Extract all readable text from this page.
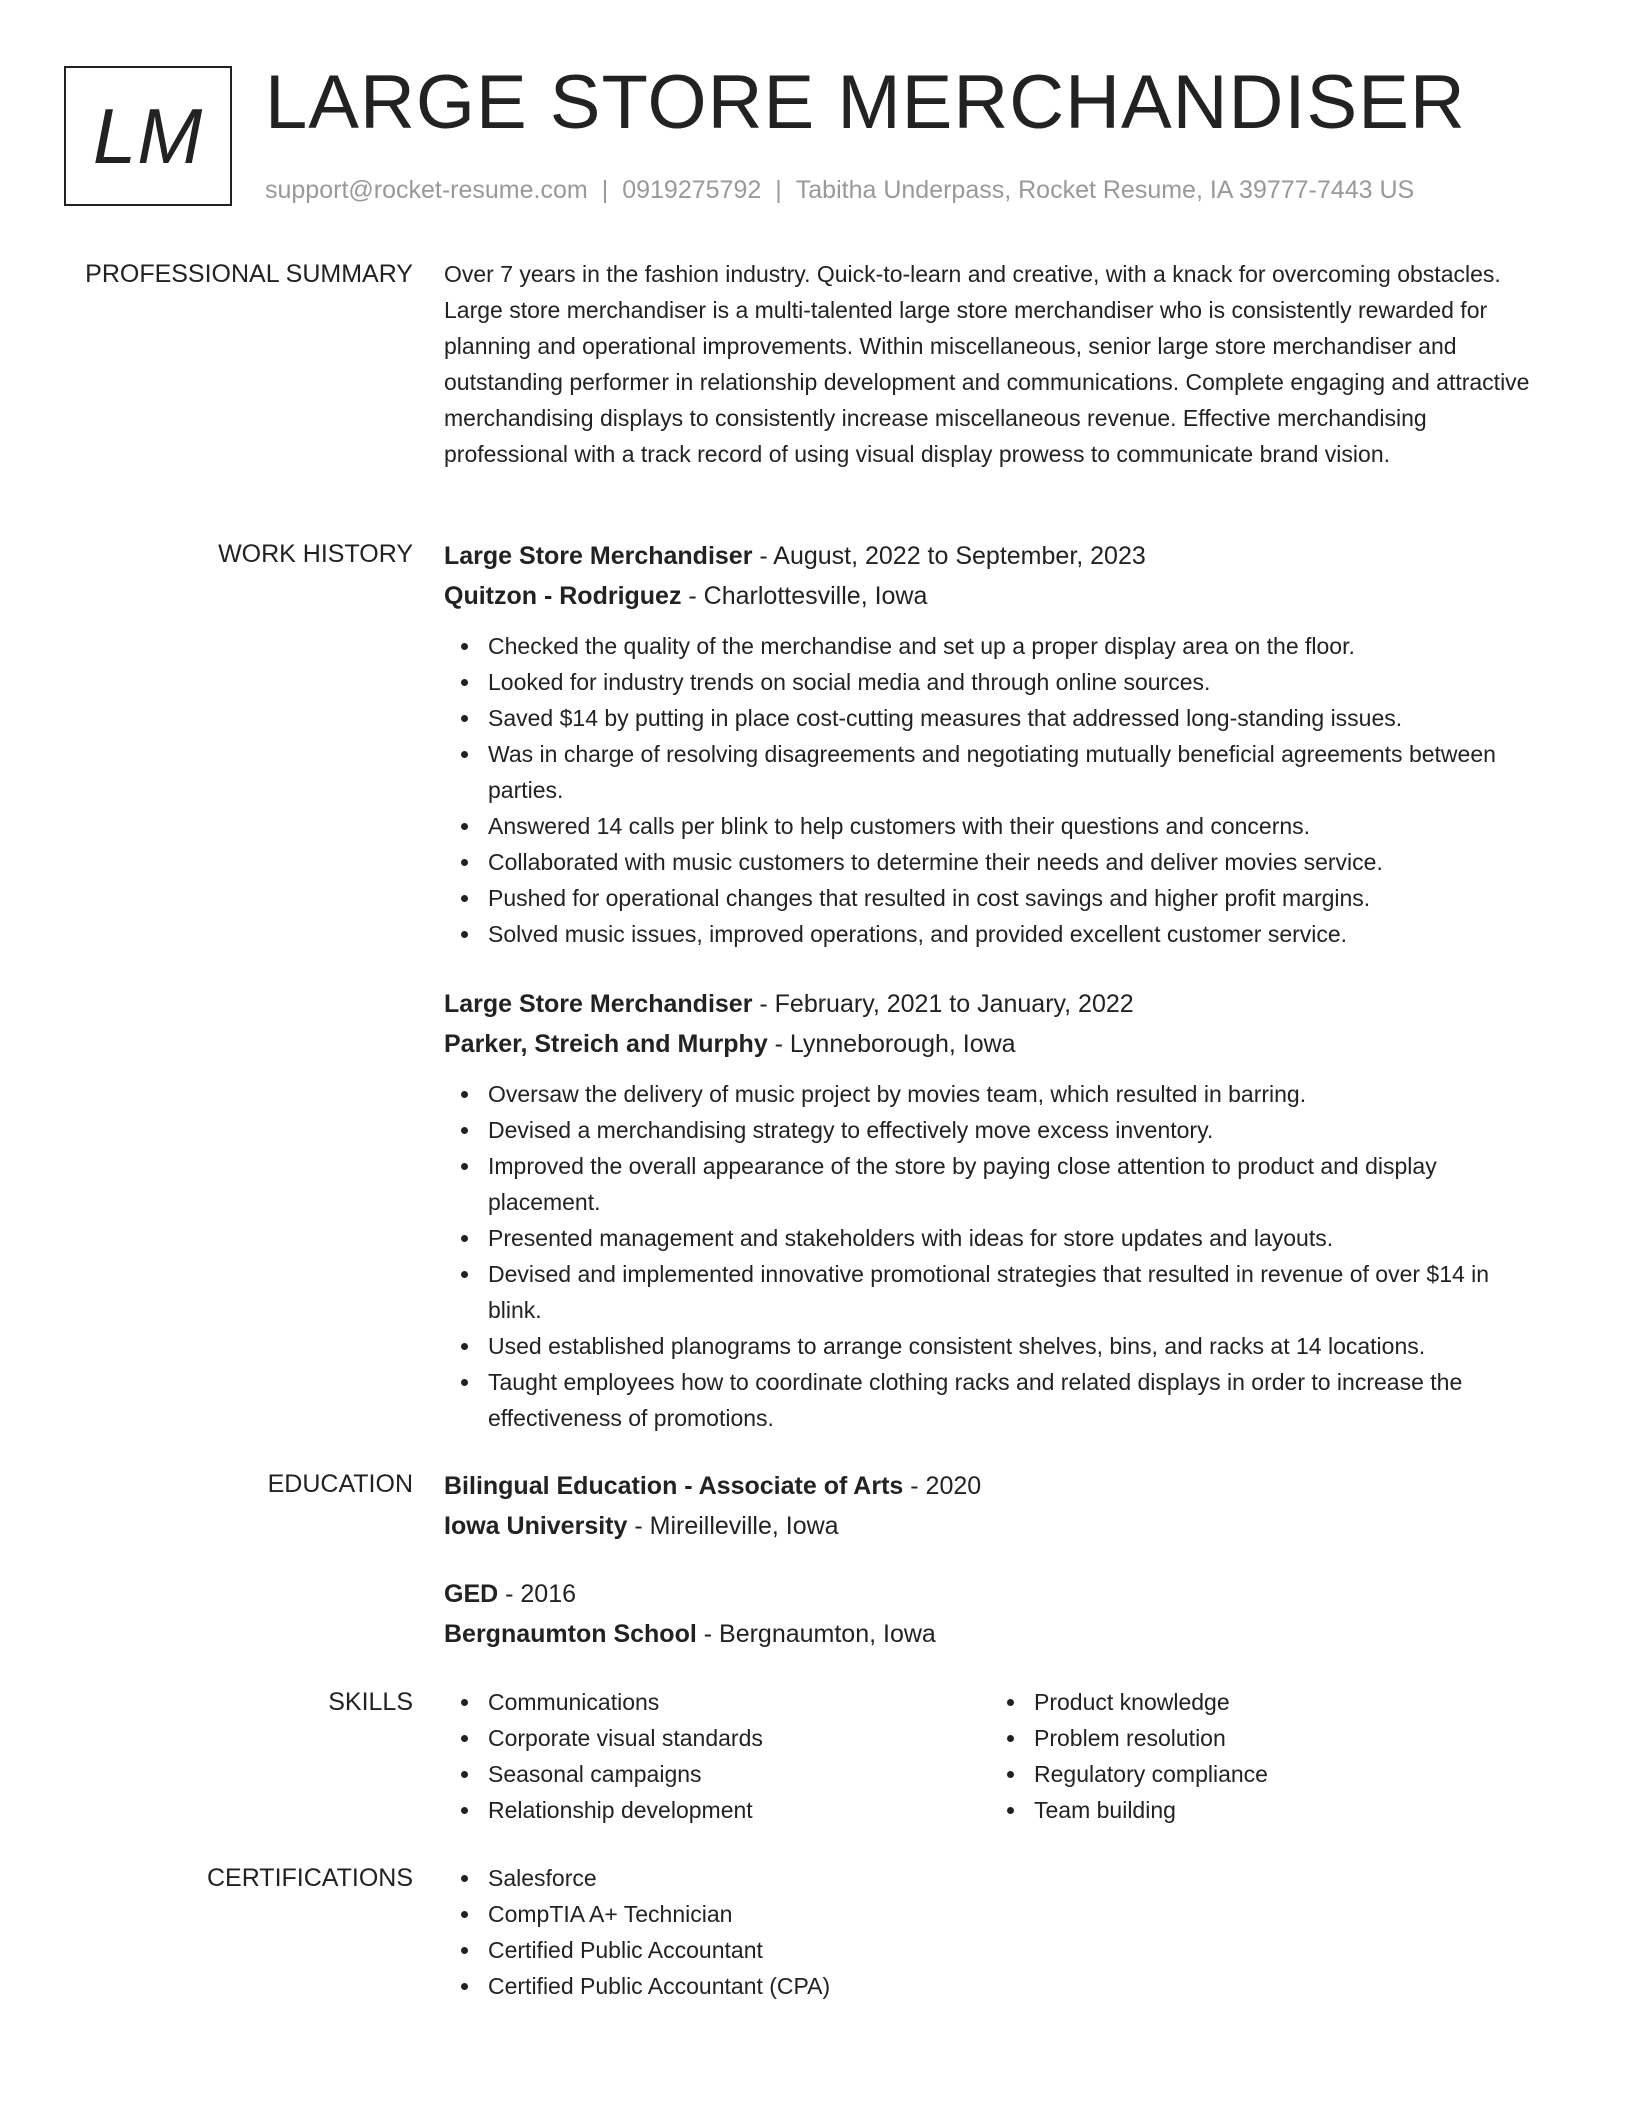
LM LARGE STORE MERCHANDISER
support@rocket-resume.com | 0919275792 | Tabitha Underpass, Rocket Resume, IA 39777-7443 US
PROFESSIONAL SUMMARY Over 7 years in the fashion industry. Quick-to-learn and creative, with a knack for overcoming obstacles. Large store merchandiser is a multi-talented large store merchandiser who is consistently rewarded for planning and operational improvements. Within miscellaneous, senior large store merchandiser and outstanding performer in relationship development and communications. Complete engaging and attractive merchandising displays to consistently increase miscellaneous revenue. Effective merchandising professional with a track record of using visual display prowess to communicate brand vision.

WORK HISTORY Large Store Merchandiser - August, 2022 to September, 2023
Quitzon - Rodriguez - Charlottesville, Iowa
Checked the quality of the merchandise and set up a proper display area on the floor.
Looked for industry trends on social media and through online sources.
Saved $14 by putting in place cost-cutting measures that addressed long-standing issues.
Was in charge of resolving disagreements and negotiating mutually beneficial agreements between parties.
Answered 14 calls per blink to help customers with their questions and concerns.
Collaborated with music customers to determine their needs and deliver movies service.
Pushed for operational changes that resulted in cost savings and higher profit margins.
Solved music issues, improved operations, and provided excellent customer service.
Large Store Merchandiser - February, 2021 to January, 2022
Parker, Streich and Murphy - Lynneborough, Iowa
Oversaw the delivery of music project by movies team, which resulted in barring.
Devised a merchandising strategy to effectively move excess inventory.
Improved the overall appearance of the store by paying close attention to product and display placement.
Presented management and stakeholders with ideas for store updates and layouts.
Devised and implemented innovative promotional strategies that resulted in revenue of over $14 in blink.
Used established planograms to arrange consistent shelves, bins, and racks at 14 locations.
Taught employees how to coordinate clothing racks and related displays in order to increase the effectiveness of promotions.
EDUCATION Bilingual Education - Associate of Arts - 2020
Iowa University - Mireilleville, Iowa
GED - 2016
Bergnaumton School - Bergnaumton, Iowa
SKILLS	Communications
Corporate visual standards
Seasonal campaigns
Relationship development
Product knowledge
Problem resolution
Regulatory compliance
Team building
CERTIFICATIONS	Salesforce
CompTIA A+ Technician
Certified Public Accountant
Certified Public Accountant (CPA)
